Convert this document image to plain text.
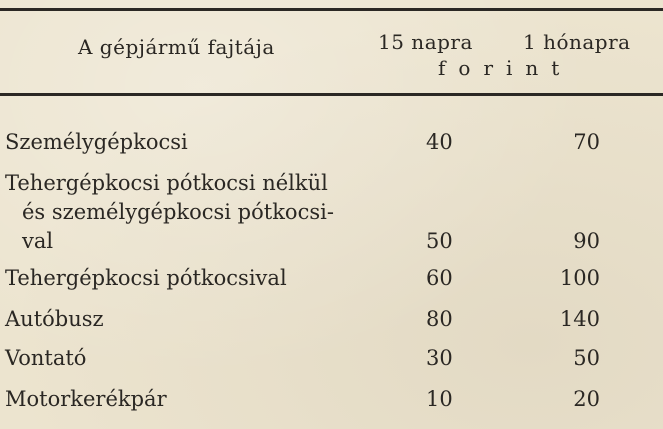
A gépjármű fajtája	15 napra	1 hónapra
forint
Személygépkocsi	40	70
Tehergépkocsi pótkocsi nélkül
és személygépkocsi pótkocsi-
val	50	90
Tehergépkocsi pótkocsival	60	100
Autóbusz	80	140
Vontató	30	50
Motorkerékpár	10	20
